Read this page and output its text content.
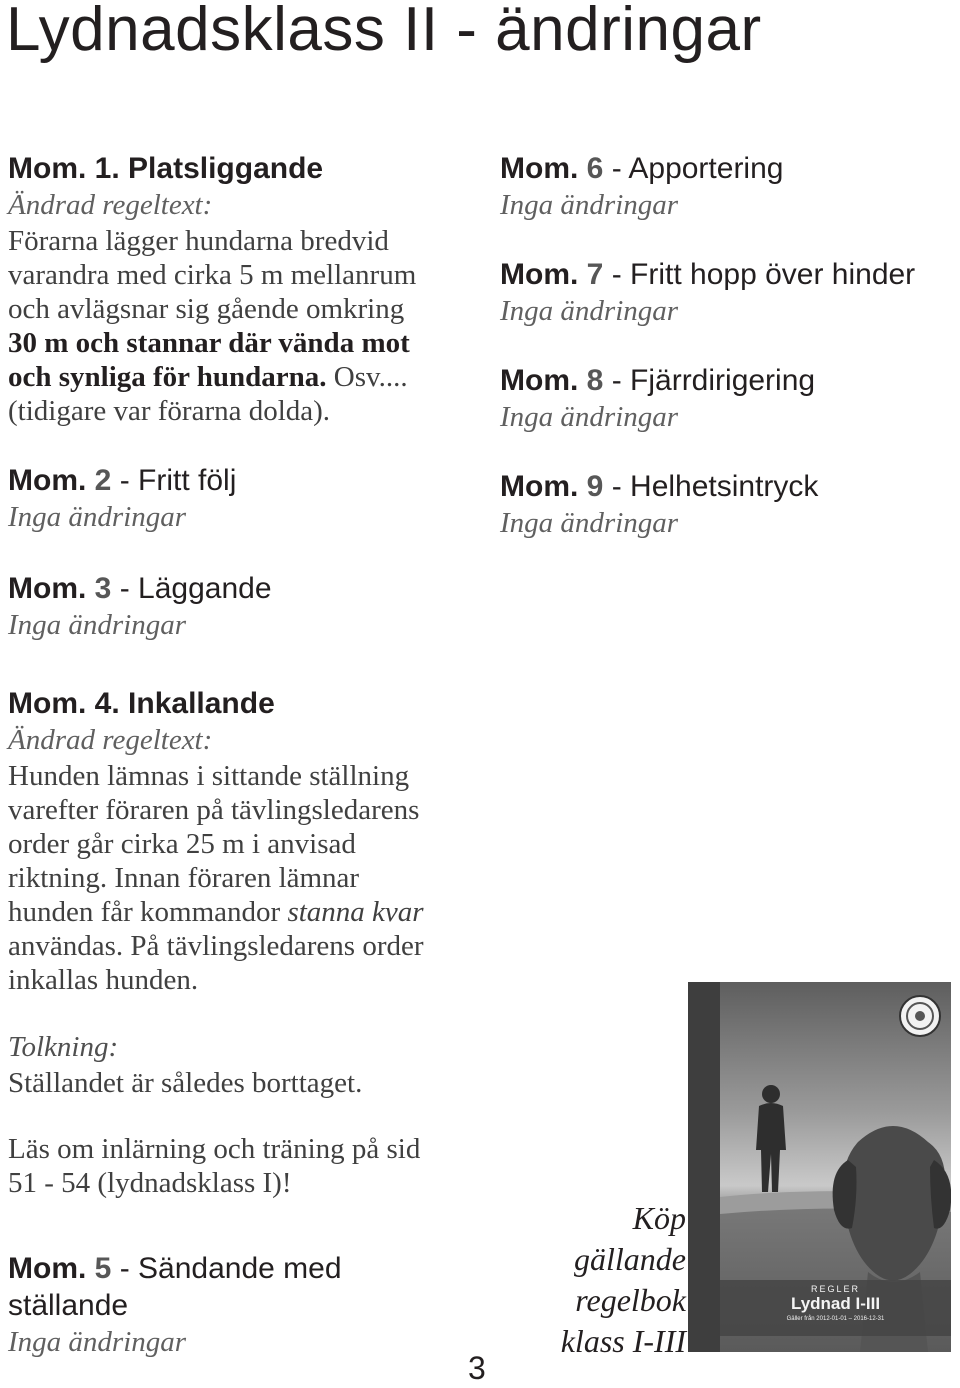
Lydnadsklass II - ändringar
Mom. 1. Platsliggande
Ändrad regeltext:
Förarna lägger hundarna bredvid
varandra med cirka 5 m mellanrum
och avlägsnar sig gående omkring
30 m och stannar där vända mot
och synliga för hundarna. Osv....
(tidigare var förarna dolda).
Mom. 2 - Fritt följ
Inga ändringar
Mom. 3 - Läggande
Inga ändringar
Mom. 6 - Apportering
Inga ändringar
Mom. 7 - Fritt hopp över hinder
Inga ändringar
Mom. 8 - Fjärrdirigering
Inga ändringar
Mom. 9 - Helhetsintryck
Inga ändringar
Mom. 4. Inkallande
Ändrad regeltext:
Hunden lämnas i sittande ställning
varefter föraren på tävlingsledarens
order går cirka 25 m i anvisad
riktning. Innan föraren lämnar
hunden får kommandor stanna kvar
användas. På tävlingsledarens order
inkallas hunden.
Tolkning:
Ställandet är således borttaget.
Läs om inlärning och träning på sid
51 - 54 (lydnadsklass I)!
Mom. 5 - Sändande med
ställande
Inga ändringar
Köp
gällande
regelbok
klass I-III
REGLER
Lydnad I-III
Gäller från 2012-01-01 – 2016-12-31
3
